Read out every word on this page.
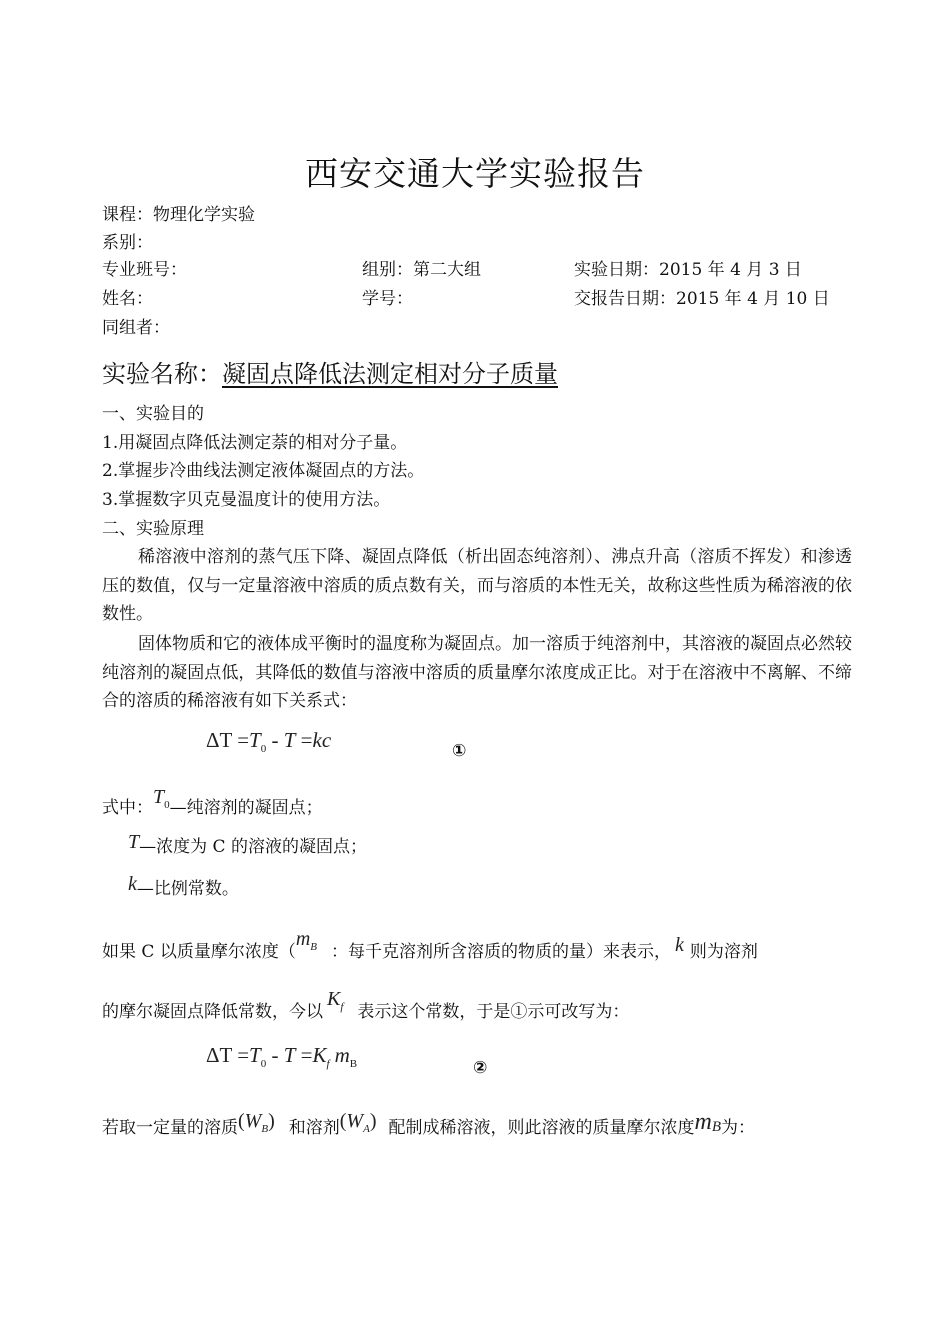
西安交通大学实验报告
课程：物理化学实验
系别：
专业班号：	组别：第二大组	实验日期：2015 年 4 月 3 日
姓名：	学号：	交报告日期：2015 年 4 月 10 日
同组者：
实验名称：凝固点降低法测定相对分子质量
一、实验目的
1.用凝固点降低法测定萘的相对分子量。
2.掌握步冷曲线法测定液体凝固点的方法。
3.掌握数字贝克曼温度计的使用方法。
二、实验原理
稀溶液中溶剂的蒸气压下降、凝固点降低（析出固态纯溶剂）、沸点升高（溶质不挥发）和渗透压的数值，仅与一定量溶液中溶质的质点数有关，而与溶质的本性无关，故称这些性质为稀溶液的依数性。
固体物质和它的液体成平衡时的温度称为凝固点。加一溶质于纯溶剂中，其溶液的凝固点必然较纯溶剂的凝固点低，其降低的数值与溶液中溶质的质量摩尔浓度成正比。对于在溶液中不离解、不缔合的溶质的稀溶液有如下关系式：
$\Delta T =T_0 - T =kc$	①
式中：$T^0—$纯溶剂的凝固点；
T—浓度为 C 的溶液的凝固点；
k—比例常数。
如果 C 以质量摩尔浓度（$m^B$ ：每千克溶剂所含溶质的物质的量）来表示， k 则为溶剂
的摩尔凝固点降低常数，今以$K^f$ 表示这个常数，于是①示可改写为：
$\Delta T =T_0 - T =K_f$ $m_B$	②
若取一定量的溶质$(W_B)$ 和溶剂$(W_A)$ 配制成稀溶液，则此溶液的质量摩尔浓度mB为：
